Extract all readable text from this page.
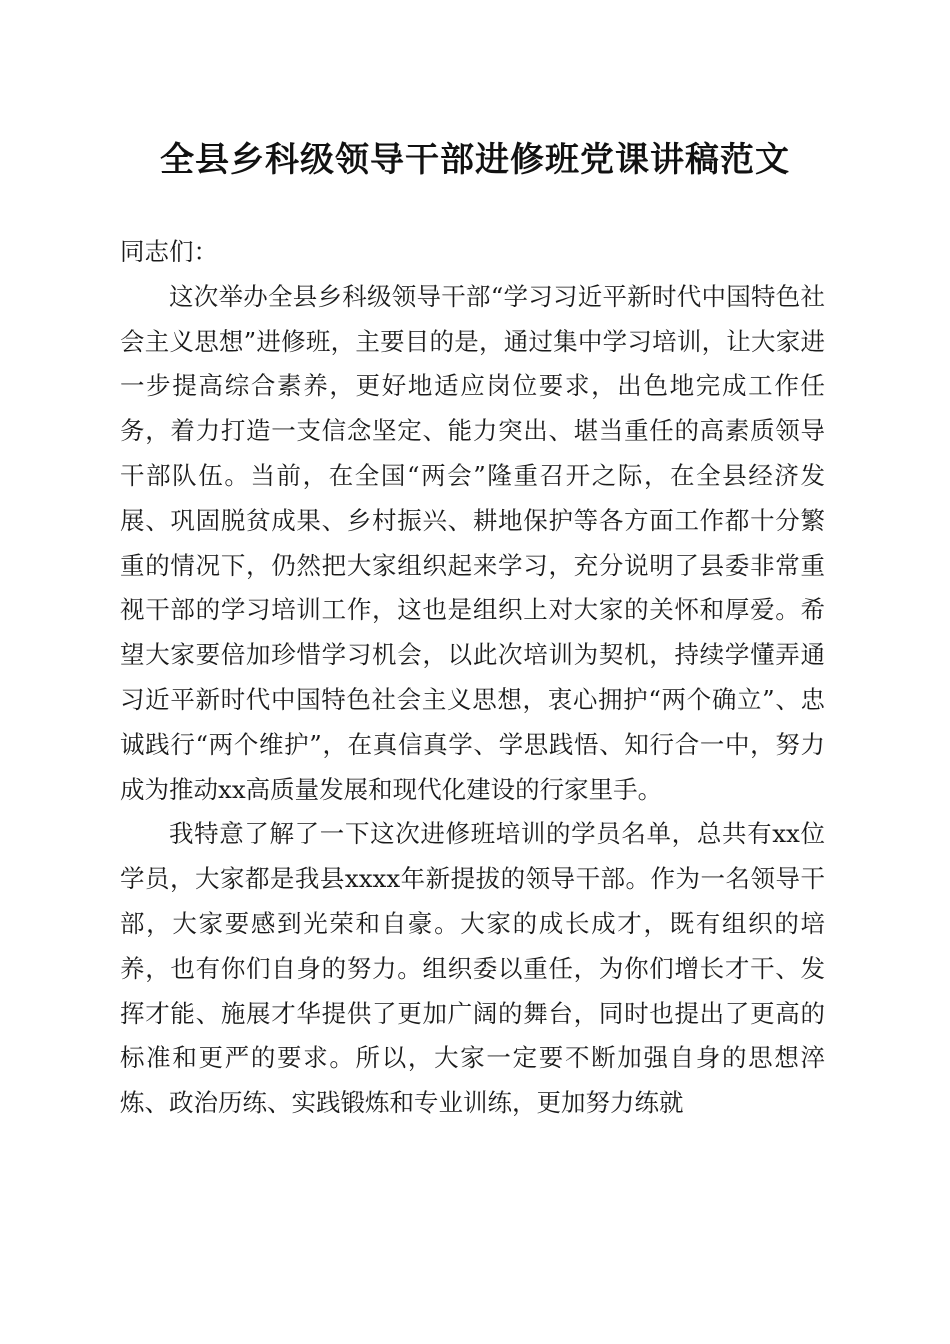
全县乡科级领导干部进修班党课讲稿范文

同志们：

这次举办全县乡科级领导干部“学习习近平新时代中国特色社会主义思想”进修班，主要目的是，通过集中学习培训，让大家进一步提高综合素养，更好地适应岗位要求，出色地完成工作任务，着力打造一支信念坚定、能力突出、堪当重任的高素质领导干部队伍。当前，在全国“两会”隆重召开之际，在全县经济发展、巩固脱贫成果、乡村振兴、耕地保护等各方面工作都十分繁重的情况下，仍然把大家组织起来学习，充分说明了县委非常重视干部的学习培训工作，这也是组织上对大家的关怀和厚爱。希望大家要倍加珍惜学习机会，以此次培训为契机，持续学懂弄通习近平新时代中国特色社会主义思想，衷心拥护“两个确立”、忠诚践行“两个维护”，在真信真学、学思践悟、知行合一中，努力成为推动xx高质量发展和现代化建设的行家里手。

我特意了解了一下这次进修班培训的学员名单，总共有xx位学员，大家都是我县xxxx年新提拔的领导干部。作为一名领导干部，大家要感到光荣和自豪。大家的成长成才，既有组织的培养，也有你们自身的努力。组织委以重任，为你们增长才干、发挥才能、施展才华提供了更加广阔的舞台，同时也提出了更高的标准和更严的要求。所以，大家一定要不断加强自身的思想淬炼、政治历练、实践锻炼和专业训练，更加努力练就
